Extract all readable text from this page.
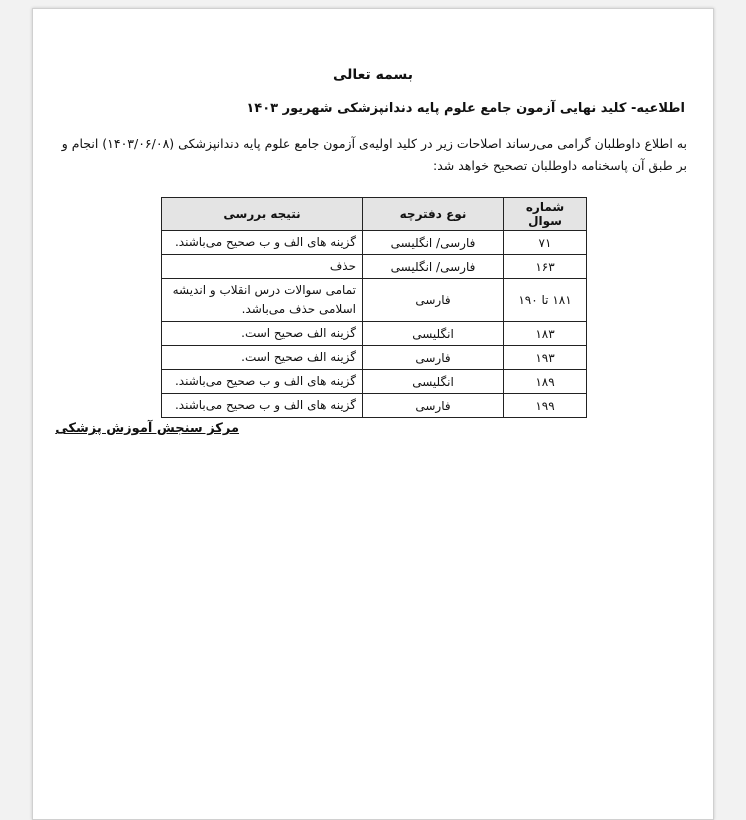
بسمه تعالی
اطلاعیه- کلید نهایی آزمون جامع علوم پایه دندانپزشکی شهریور ۱۴۰۳
به اطلاع داوطلبان گرامی می‌رساند اصلاحات زیر در کلید اولیه‌ی آزمون جامع علوم پایه دندانپزشکی (۱۴۰۳/۰۶/۰۸) انجام و بر طبق آن پاسخنامه داوطلبان تصحیح خواهد شد:
شماره سوال	نوع دفترچه	نتیجه بررسی
۷۱	فارسی/ انگلیسی	گزینه های الف و ب صحیح می‌باشند.
۱۶۳	فارسی/ انگلیسی	حذف
۱۸۱ تا ۱۹۰	فارسی	تمامی سوالات درس انقلاب و اندیشه اسلامی حذف می‌باشد.
۱۸۳	انگلیسی	گزینه الف صحیح است.
۱۹۳	فارسی	گزینه الف صحیح است.
۱۸۹	انگلیسی	گزینه های الف و ب صحیح می‌باشند.
۱۹۹	فارسی	گزینه های الف و ب صحیح می‌باشند.
مرکز سنجش آموزش پزشکی
